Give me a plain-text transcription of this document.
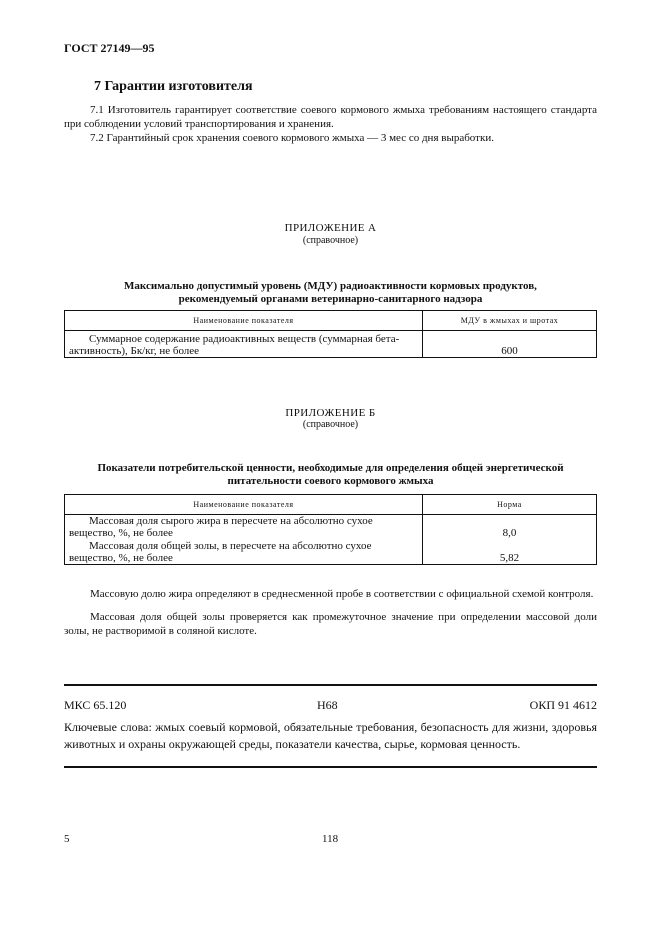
ГОСТ 27149—95
7 Гарантии изготовителя
7.1 Изготовитель гарантирует соответствие соевого кормового жмыха требованиям настоящего стандарта при соблюдении условий транспортирования и хранения.
7.2 Гарантийный срок хранения соевого кормового жмыха — 3 мес со дня выработки.
ПРИЛОЖЕНИЕ А
(справочное)
Максимально допустимый уровень (МДУ) радиоактивности кормовых продуктов,
рекомендуемый органами ветеринарно-санитарного надзора
Наименование показателя	МДУ в жмыхах и шротах
Суммарное содержание радиоактивных веществ (суммарная бета-активность), Бк/кг, не более	600
ПРИЛОЖЕНИЕ Б
(справочное)
Показатели потребительской ценности, необходимые для определения общей энергетической
питательности соевого кормового жмыха
Наименование показателя	Норма
Массовая доля сырого жира в пересчете на абсолютно сухое вещество, %, не более	8,0
Массовая доля общей золы, в пересчете на абсолютно сухое вещество, %, не более	5,82
Массовую долю жира определяют в среднесменной пробе в соответствии с официальной схемой контроля.
Массовая доля общей золы проверяется как промежуточное значение при определении массовой доли золы, не растворимой в соляной кислоте.
МКС 65.120	Н68	ОКП 91 4612
Ключевые слова: жмых соевый кормовой, обязательные требования, безопасность для жизни, здоровья животных и охраны окружающей среды, показатели качества, сырье, кормовая ценность.
5	118
